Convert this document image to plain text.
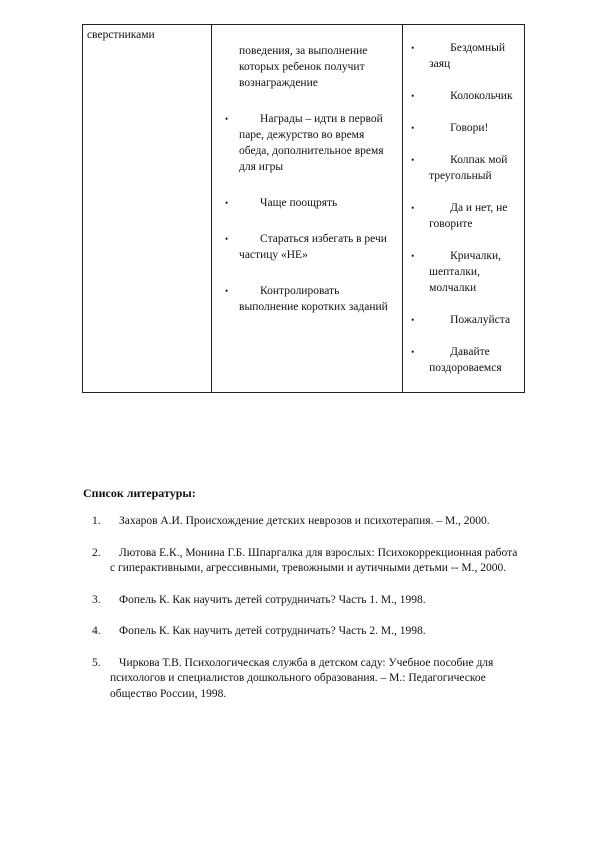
сверстниками

поведения, за выполнение которых ребенок получит вознаграждение
•	Награды – идти в первой паре, дежурство во время обеда, дополнительное время для игры
•	Чаще поощрять
•	Стараться избегать в речи частицу «НЕ»
•	Контролировать выполнение коротких заданий

•	Бездомный заяц
•	Колокольчик
•	Говори!
•	Колпак мой треугольный
•	Да и нет, не говорите
•	Кричалки, шепталки, молчалки
•	Пожалуйста
•	Давайте поздороваемся

Список литературы:

1.	Захаров А.И. Происхождение детских неврозов и психотерапия. – М., 2000.
2.	Лютова Е.К., Монина Г.Б. Шпаргалка для взрослых: Психокоррекционная работа с гиперактивными, агрессивными, тревожными и аутичными детьми -- М., 2000.
3.	Фопель К. Как научить детей сотрудничать? Часть 1. М., 1998.
4.	Фопель К. Как научить детей сотрудничать? Часть 2. М., 1998.
5.	Чиркова Т.В. Психологическая служба в детском саду: Учебное пособие для психологов и специалистов дошкольного образования. – М.: Педагогическое общество России, 1998.
